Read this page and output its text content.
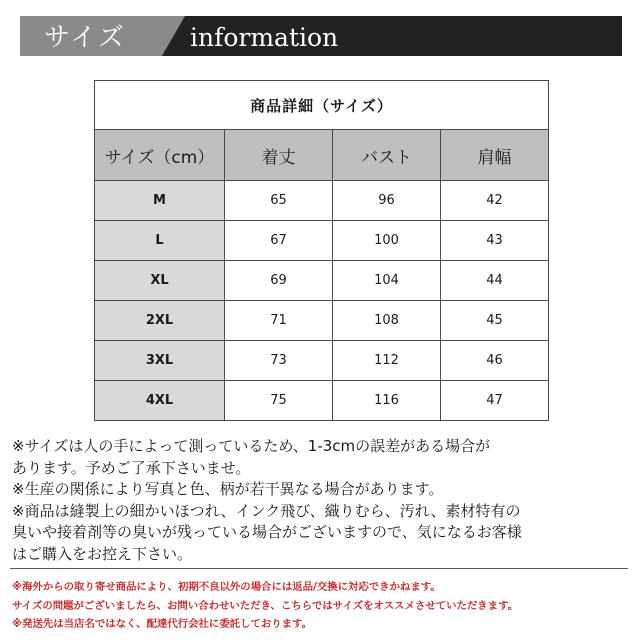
サイズ	information
商品詳細（サイズ）			
サイズ（cm）	着丈	バスト	肩幅
M	65	96	42
L	67	100	43
XL	69	104	44
2XL	71	108	45
3XL	73	112	46
4XL	75	116	47
※サイズは人の手によって測っているため、1-3cmの誤差がある場合が
あります。予めご了承下さいませ。
※生産の関係により写真と色、柄が若干異なる場合があります。
※商品は縫製上の細かいほつれ、インク飛び、織りむら、汚れ、素材特有の
臭いや接着剤等の臭いが残っている場合がございますので、気になるお客様
はご購入をお控え下さい。
※海外からの取り寄せ商品により、初期不良以外の場合には返品/交換に対応できかねます。
サイズの問題がございましたら、お問い合わせいただき、こちらではサイズをオススメさせていただきます。
※発送先は当店名ではなく、配達代行会社に委託しております。
